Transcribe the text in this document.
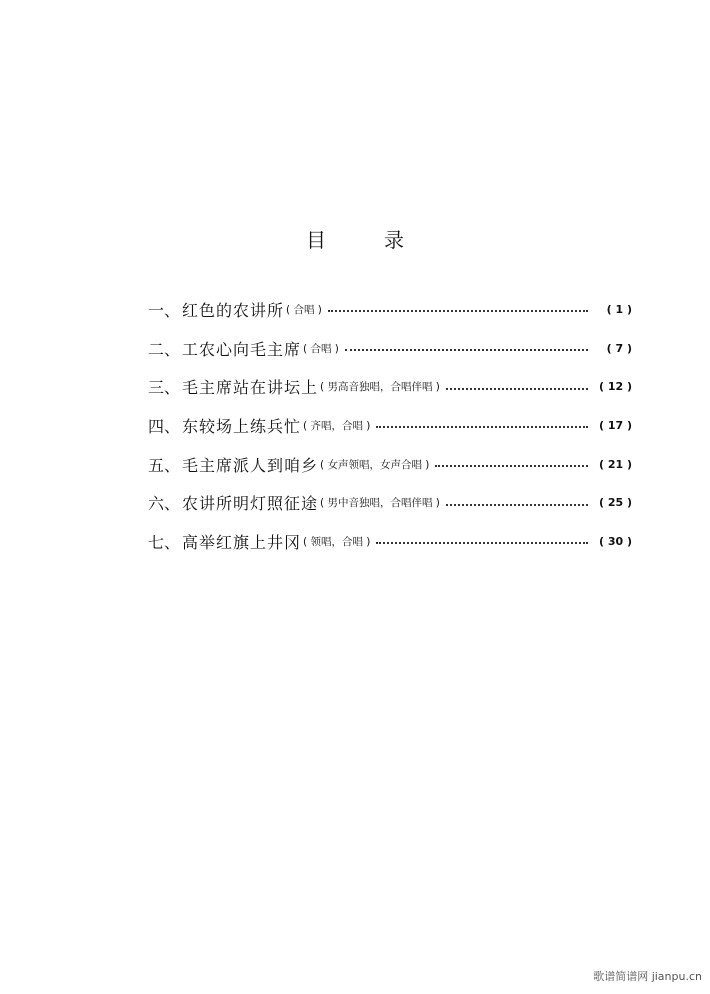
目	录
一、 红色的农讲所 ( 合唱 )	( 1 )
二、 工农心向毛主席 ( 合唱 )	( 7 )
三、 毛主席站在讲坛上 ( 男高音独唱，合唱伴唱 )	( 12 )
四、 东较场上练兵忙 ( 齐唱，合唱 )	( 17 )
五、 毛主席派人到咱乡 ( 女声领唱，女声合唱 )	( 21 )
六、 农讲所明灯照征途 ( 男中音独唱，合唱伴唱 )	( 25 )
七、 高举红旗上井冈 ( 领唱，合唱 )	( 30 )
歌谱简谱网 jianpu.cn
